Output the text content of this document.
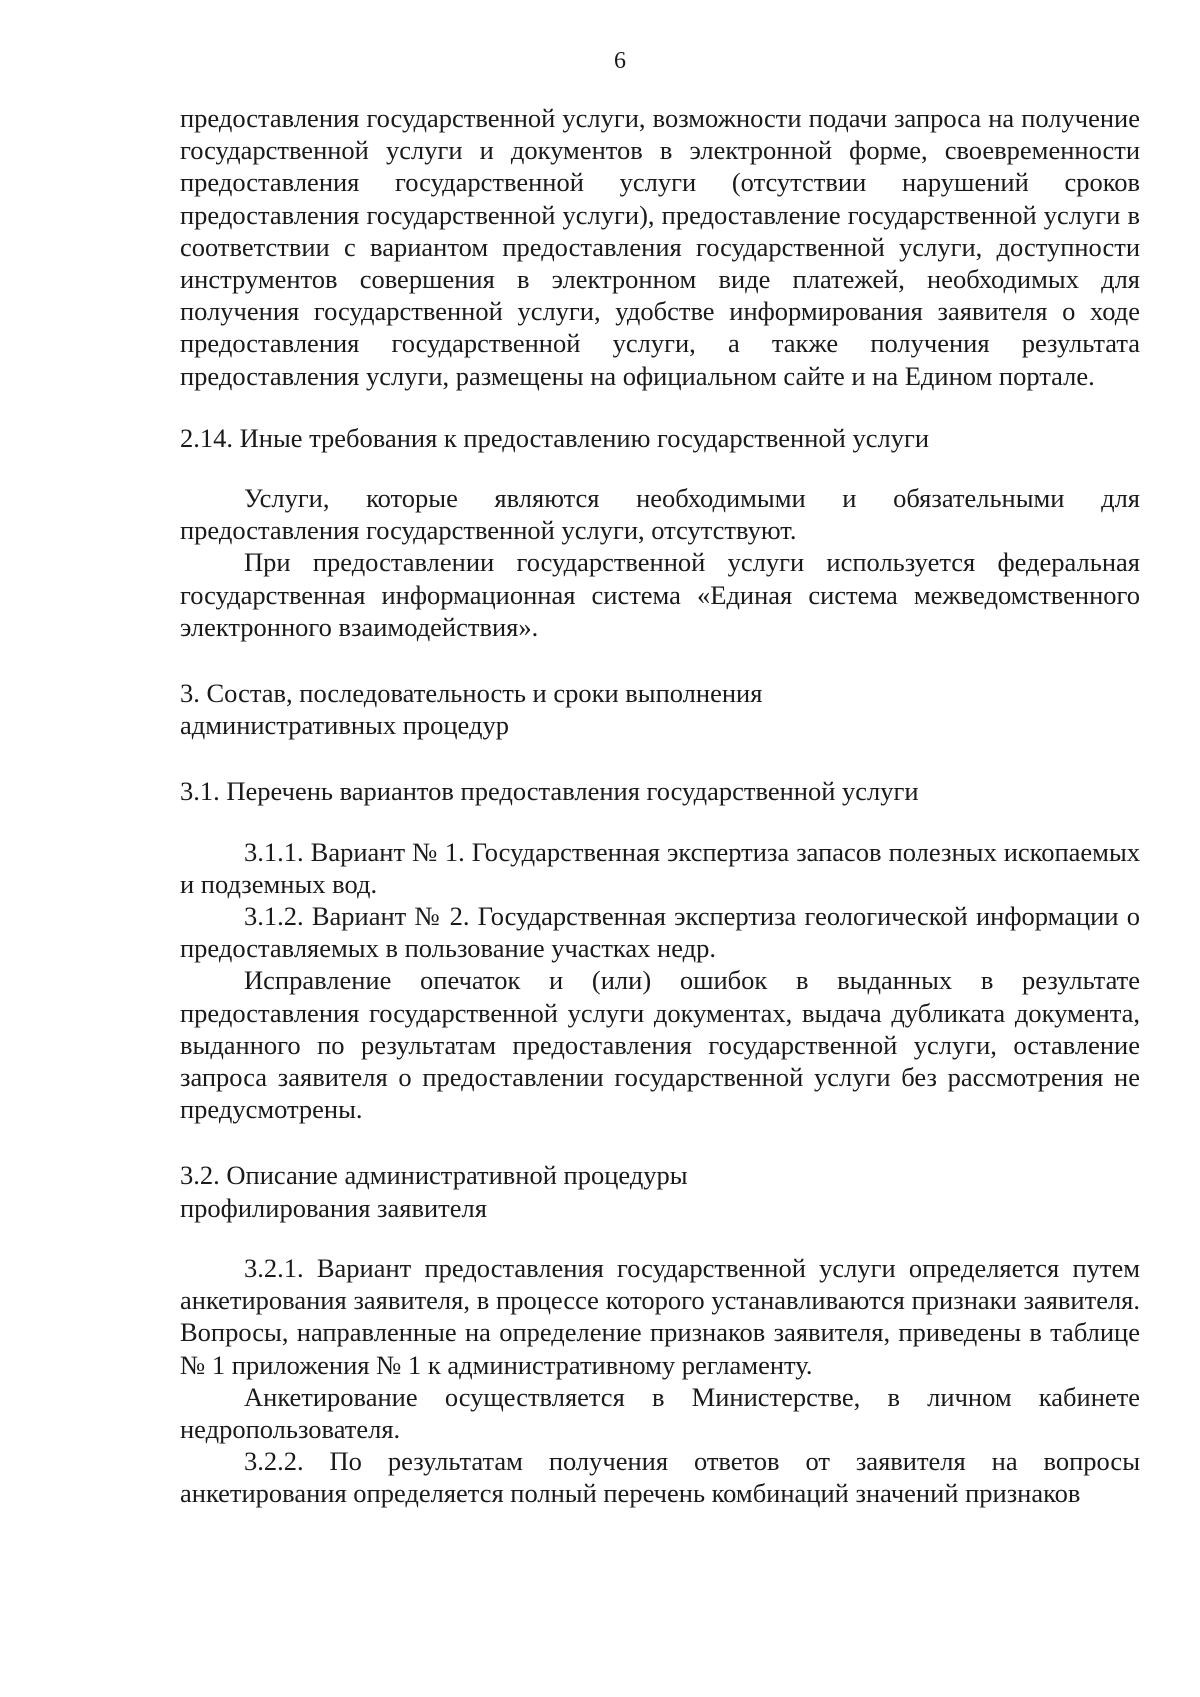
6

предоставления государственной услуги, возможности подачи запроса на получение государственной услуги и документов в электронной форме, своевременности предоставления государственной услуги (отсутствии нарушений сроков предоставления государственной услуги), предоставление государственной услуги в соответствии с вариантом предоставления государственной услуги, доступности инструментов совершения в электронном виде платежей, необходимых для получения государственной услуги, удобстве информирования заявителя о ходе предоставления государственной услуги, а также получения результата предоставления услуги, размещены на официальном сайте и на Едином портале.

2.14. Иные требования к предоставлению государственной услуги

Услуги, которые являются необходимыми и обязательными для предоставления государственной услуги, отсутствуют.

При предоставлении государственной услуги используется федеральная государственная информационная система «Единая система межведомственного электронного взаимодействия».

3. Состав, последовательность и сроки выполнения

административных процедур

3.1. Перечень вариантов предоставления государственной услуги

3.1.1. Вариант № 1. Государственная экспертиза запасов полезных ископаемых и подземных вод.

3.1.2. Вариант № 2. Государственная экспертиза геологической информации о предоставляемых в пользование участках недр.

Исправление опечаток и (или) ошибок в выданных в результате предоставления государственной услуги документах, выдача дубликата документа, выданного по результатам предоставления государственной услуги, оставление запроса заявителя о предоставлении государственной услуги без рассмотрения не предусмотрены.

3.2. Описание административной процедуры

профилирования заявителя

3.2.1. Вариант предоставления государственной услуги определяется путем анкетирования заявителя, в процессе которого устанавливаются признаки заявителя. Вопросы, направленные на определение признаков заявителя, приведены в таблице № 1 приложения № 1 к административному регламенту.

Анкетирование осуществляется в Министерстве, в личном кабинете недропользователя.

3.2.2. По результатам получения ответов от заявителя на вопросы анкетирования определяется полный перечень комбинаций значений признаков
